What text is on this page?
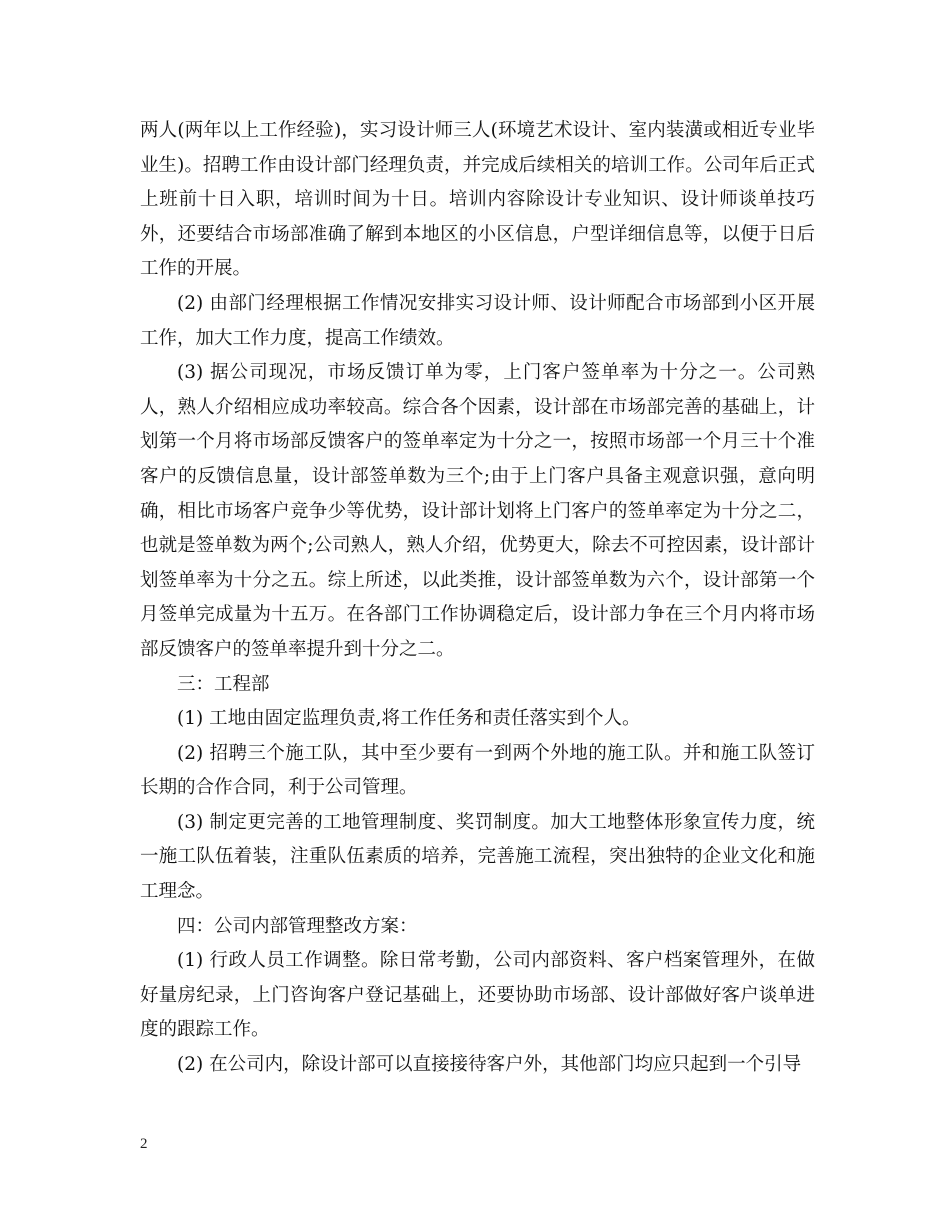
两人(两年以上工作经验)，实习设计师三人(环境艺术设计、室内装潢或相近专业毕业生)。招聘工作由设计部门经理负责，并完成后续相关的培训工作。公司年后正式上班前十日入职，培训时间为十日。培训内容除设计专业知识、设计师谈单技巧外，还要结合市场部准确了解到本地区的小区信息，户型详细信息等，以便于日后工作的开展。

(2) 由部门经理根据工作情况安排实习设计师、设计师配合市场部到小区开展工作，加大工作力度，提高工作绩效。

(3) 据公司现况，市场反馈订单为零，上门客户签单率为十分之一。公司熟人，熟人介绍相应成功率较高。综合各个因素，设计部在市场部完善的基础上，计划第一个月将市场部反馈客户的签单率定为十分之一，按照市场部一个月三十个准客户的反馈信息量，设计部签单数为三个;由于上门客户具备主观意识强，意向明确，相比市场客户竞争少等优势，设计部计划将上门客户的签单率定为十分之二，也就是签单数为两个;公司熟人，熟人介绍，优势更大，除去不可控因素，设计部计划签单率为十分之五。综上所述，以此类推，设计部签单数为六个，设计部第一个月签单完成量为十五万。在各部门工作协调稳定后，设计部力争在三个月内将市场部反馈客户的签单率提升到十分之二。

三：工程部

(1) 工地由固定监理负责,将工作任务和责任落实到个人。

(2) 招聘三个施工队，其中至少要有一到两个外地的施工队。并和施工队签订长期的合作合同，利于公司管理。

(3) 制定更完善的工地管理制度、奖罚制度。加大工地整体形象宣传力度，统一施工队伍着装，注重队伍素质的培养，完善施工流程，突出独特的企业文化和施工理念。

四：公司内部管理整改方案：

(1) 行政人员工作调整。除日常考勤，公司内部资料、客户档案管理外，在做好量房纪录，上门咨询客户登记基础上，还要协助市场部、设计部做好客户谈单进度的跟踪工作。

(2) 在公司内，除设计部可以直接接待客户外，其他部门均应只起到一个引导

2
